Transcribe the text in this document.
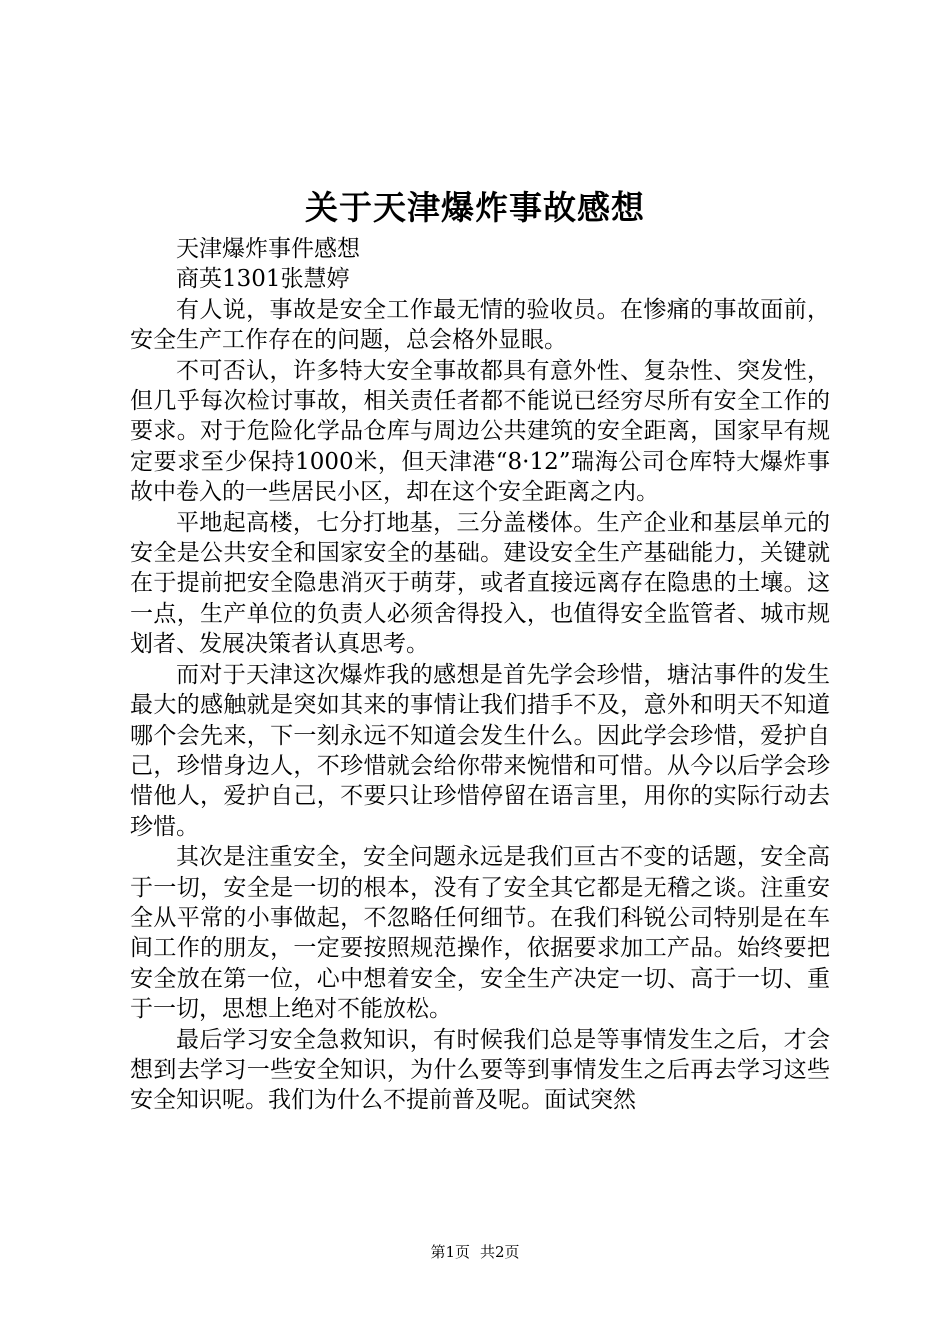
关于天津爆炸事故感想

天津爆炸事件感想

商英1301张慧婷

有人说，事故是安全工作最无情的验收员。在惨痛的事故面前，安全生产工作存在的问题，总会格外显眼。

不可否认，许多特大安全事故都具有意外性、复杂性、突发性，但几乎每次检讨事故，相关责任者都不能说已经穷尽所有安全工作的要求。对于危险化学品仓库与周边公共建筑的安全距离，国家早有规定要求至少保持1000米，但天津港“8·12”瑞海公司仓库特大爆炸事故中卷入的一些居民小区，却在这个安全距离之内。

平地起高楼，七分打地基，三分盖楼体。生产企业和基层单元的安全是公共安全和国家安全的基础。建设安全生产基础能力，关键就在于提前把安全隐患消灭于萌芽，或者直接远离存在隐患的土壤。这一点，生产单位的负责人必须舍得投入，也值得安全监管者、城市规划者、发展决策者认真思考。

而对于天津这次爆炸我的感想是首先学会珍惜，塘沽事件的发生最大的感触就是突如其来的事情让我们措手不及，意外和明天不知道哪个会先来，下一刻永远不知道会发生什么。因此学会珍惜，爱护自己，珍惜身边人，不珍惜就会给你带来惋惜和可惜。从今以后学会珍惜他人，爱护自己，不要只让珍惜停留在语言里，用你的实际行动去珍惜。

其次是注重安全，安全问题永远是我们亘古不变的话题，安全高于一切，安全是一切的根本，没有了安全其它都是无稽之谈。注重安全从平常的小事做起，不忽略任何细节。在我们科锐公司特别是在车间工作的朋友，一定要按照规范操作，依据要求加工产品。始终要把安全放在第一位，心中想着安全，安全生产决定一切、高于一切、重于一切，思想上绝对不能放松。

最后学习安全急救知识，有时候我们总是等事情发生之后，才会想到去学习一些安全知识，为什么要等到事情发生之后再去学习这些安全知识呢。我们为什么不提前普及呢。面试突然

第1页 共2页
